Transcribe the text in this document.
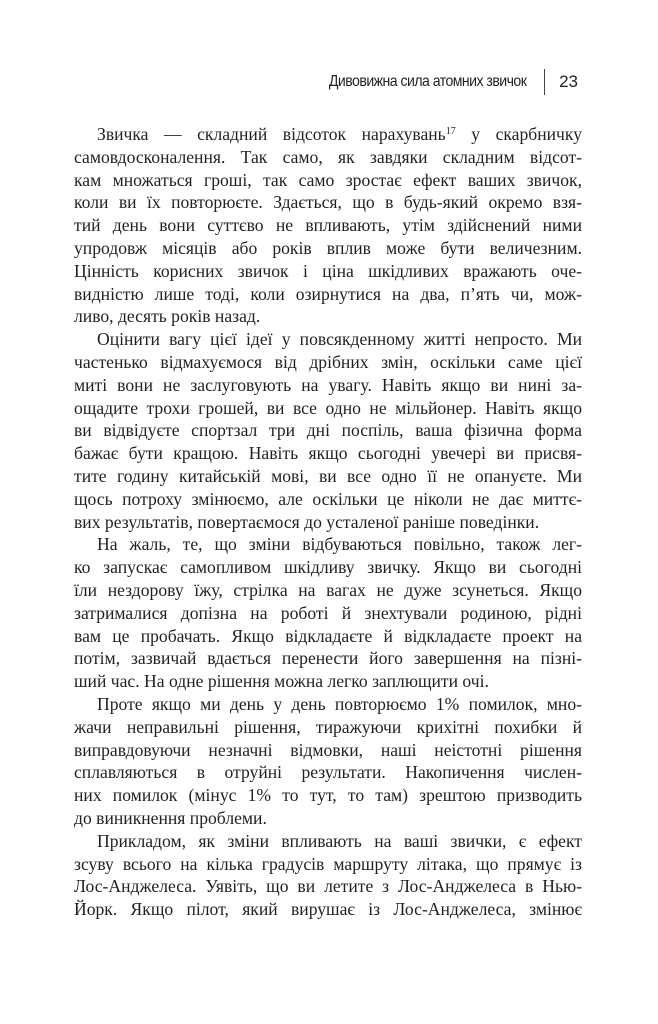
Дивовижна сила атомних звичок 23
Звичка — складний відсоток нарахувань$^{17}$ у скарбничку
самовдосконалення. Так само, як завдяки складним відсот-
кам множаться гроші, так само зростає ефект ваших звичок,
коли ви їх повторюєте. Здається, що в будь-який окремо взя-
тий день вони суттєво не впливають, утім здійснений ними
упродовж місяців або років вплив може бути величезним.
Цінність корисних звичок і ціна шкідливих вражають оче-
видністю лише тоді, коли озирнутися на два, п’ять чи, мож-
ливо, десять років назад.
Оцінити вагу цієї ідеї у повсякденному житті непросто. Ми
частенько відмахуємося від дрібних змін, оскільки саме цієї
миті вони не заслуговують на увагу. Навіть якщо ви нині за-
ощадите трохи грошей, ви все одно не мільйонер. Навіть якщо
ви відвідуєте спортзал три дні поспіль, ваша фізична форма
бажає бути кращою. Навіть якщо сьогодні увечері ви присвя-
тите годину китайській мові, ви все одно її не опануєте. Ми
щось потроху змінюємо, але оскільки це ніколи не дає миттє-
вих результатів, повертаємося до усталеної раніше поведінки.
На жаль, те, що зміни відбуваються повільно, також лег-
ко запускає самопливом шкідливу звичку. Якщо ви сьогодні
їли нездорову їжу, стрілка на вагах не дуже зсунеться. Якщо
затрималися допізна на роботі й знехтували родиною, рідні
вам це пробачать. Якщо відкладаєте й відкладаєте проект на
потім, зазвичай вдається перенести його завершення на пізні-
ший час. На одне рішення можна легко заплющити очі.
Проте якщо ми день у день повторюємо 1% помилок, мно-
жачи неправильні рішення, тиражуючи крихітні похибки й
виправдовуючи незначні відмовки, наші неістотні рішення
сплавляються в отруйні результати. Накопичення числен-
них помилок (мінус 1% то тут, то там) зрештою призводить
до виникнення проблеми.
Прикладом, як зміни впливають на ваші звички, є ефект
зсуву всього на кілька градусів маршруту літака, що прямує із
Лос-Анджелеса. Уявіть, що ви летите з Лос-Анджелеса в Нью-
Йорк. Якщо пілот, який вирушає із Лос-Анджелеса, змінює
